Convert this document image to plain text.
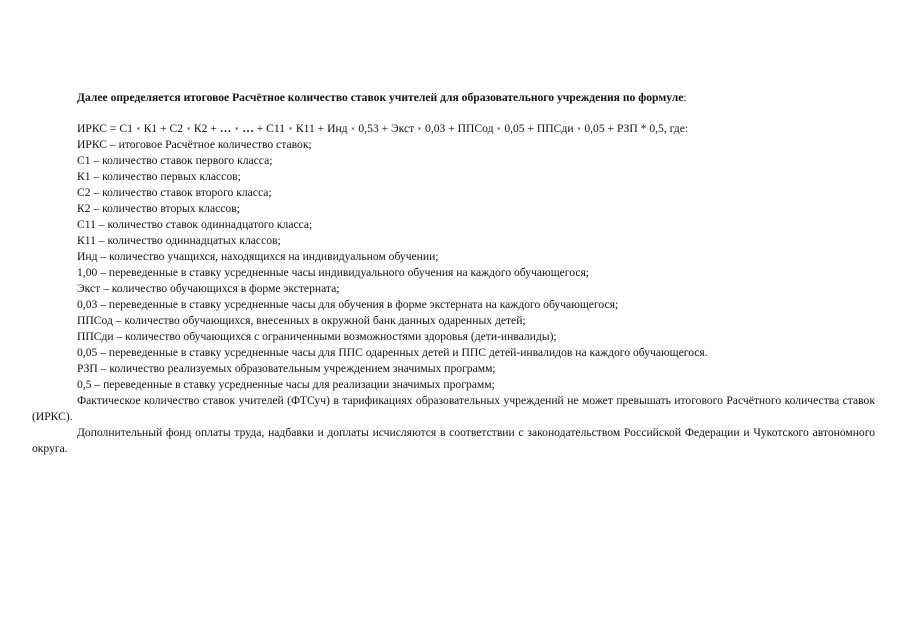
Далее определяется итоговое Расчётное количество ставок учителей для образовательного учреждения по формуле:

ИРКС = С1 ⁎ К1 + С2 ⁎ К2 + … ⁎ … + С11 ⁎ К11 + Инд ⁎ 0,53 + Экст ⁎ 0,03 + ППСод ⁎ 0,05 + ППСди ⁎ 0,05 + РЗП * 0,5, где:

ИРКС – итоговое Расчётное количество ставок;

С1 – количество ставок первого класса;

К1 – количество первых классов;

С2 – количество ставок второго класса;

К2 – количество вторых классов;

С11 – количество ставок одиннадцатого класса;

К11 – количество одиннадцатых классов;

Инд – количество учащихся, находящихся на индивидуальном обучении;

1,00 – переведенные в ставку усредненные часы индивидуального обучения на каждого обучающегося;

Экст – количество обучающихся в форме экстерната;

0,03 – переведенные в ставку усредненные часы для обучения в форме экстерната на каждого обучающегося;

ППСод – количество обучающихся, внесенных в окружной банк данных одаренных детей;

ППСди – количество обучающихся с ограниченными возможностями здоровья (дети-инвалиды);

0,05 – переведенные в ставку усредненные часы для ППС одаренных детей и ППС детей-инвалидов на каждого обучающегося.

РЗП – количество реализуемых образовательным учреждением значимых программ;

0,5 – переведенные в ставку усредненные часы для реализации значимых программ;

Фактическое количество ставок учителей (ФТСуч) в тарификациях образовательных учреждений не может превышать итогового Расчётного количества ставок (ИРКС).

Дополнительный фонд оплаты труда, надбавки и доплаты исчисляются в соответствии с законодательством Российской Федерации и Чукотского автономного округа.
